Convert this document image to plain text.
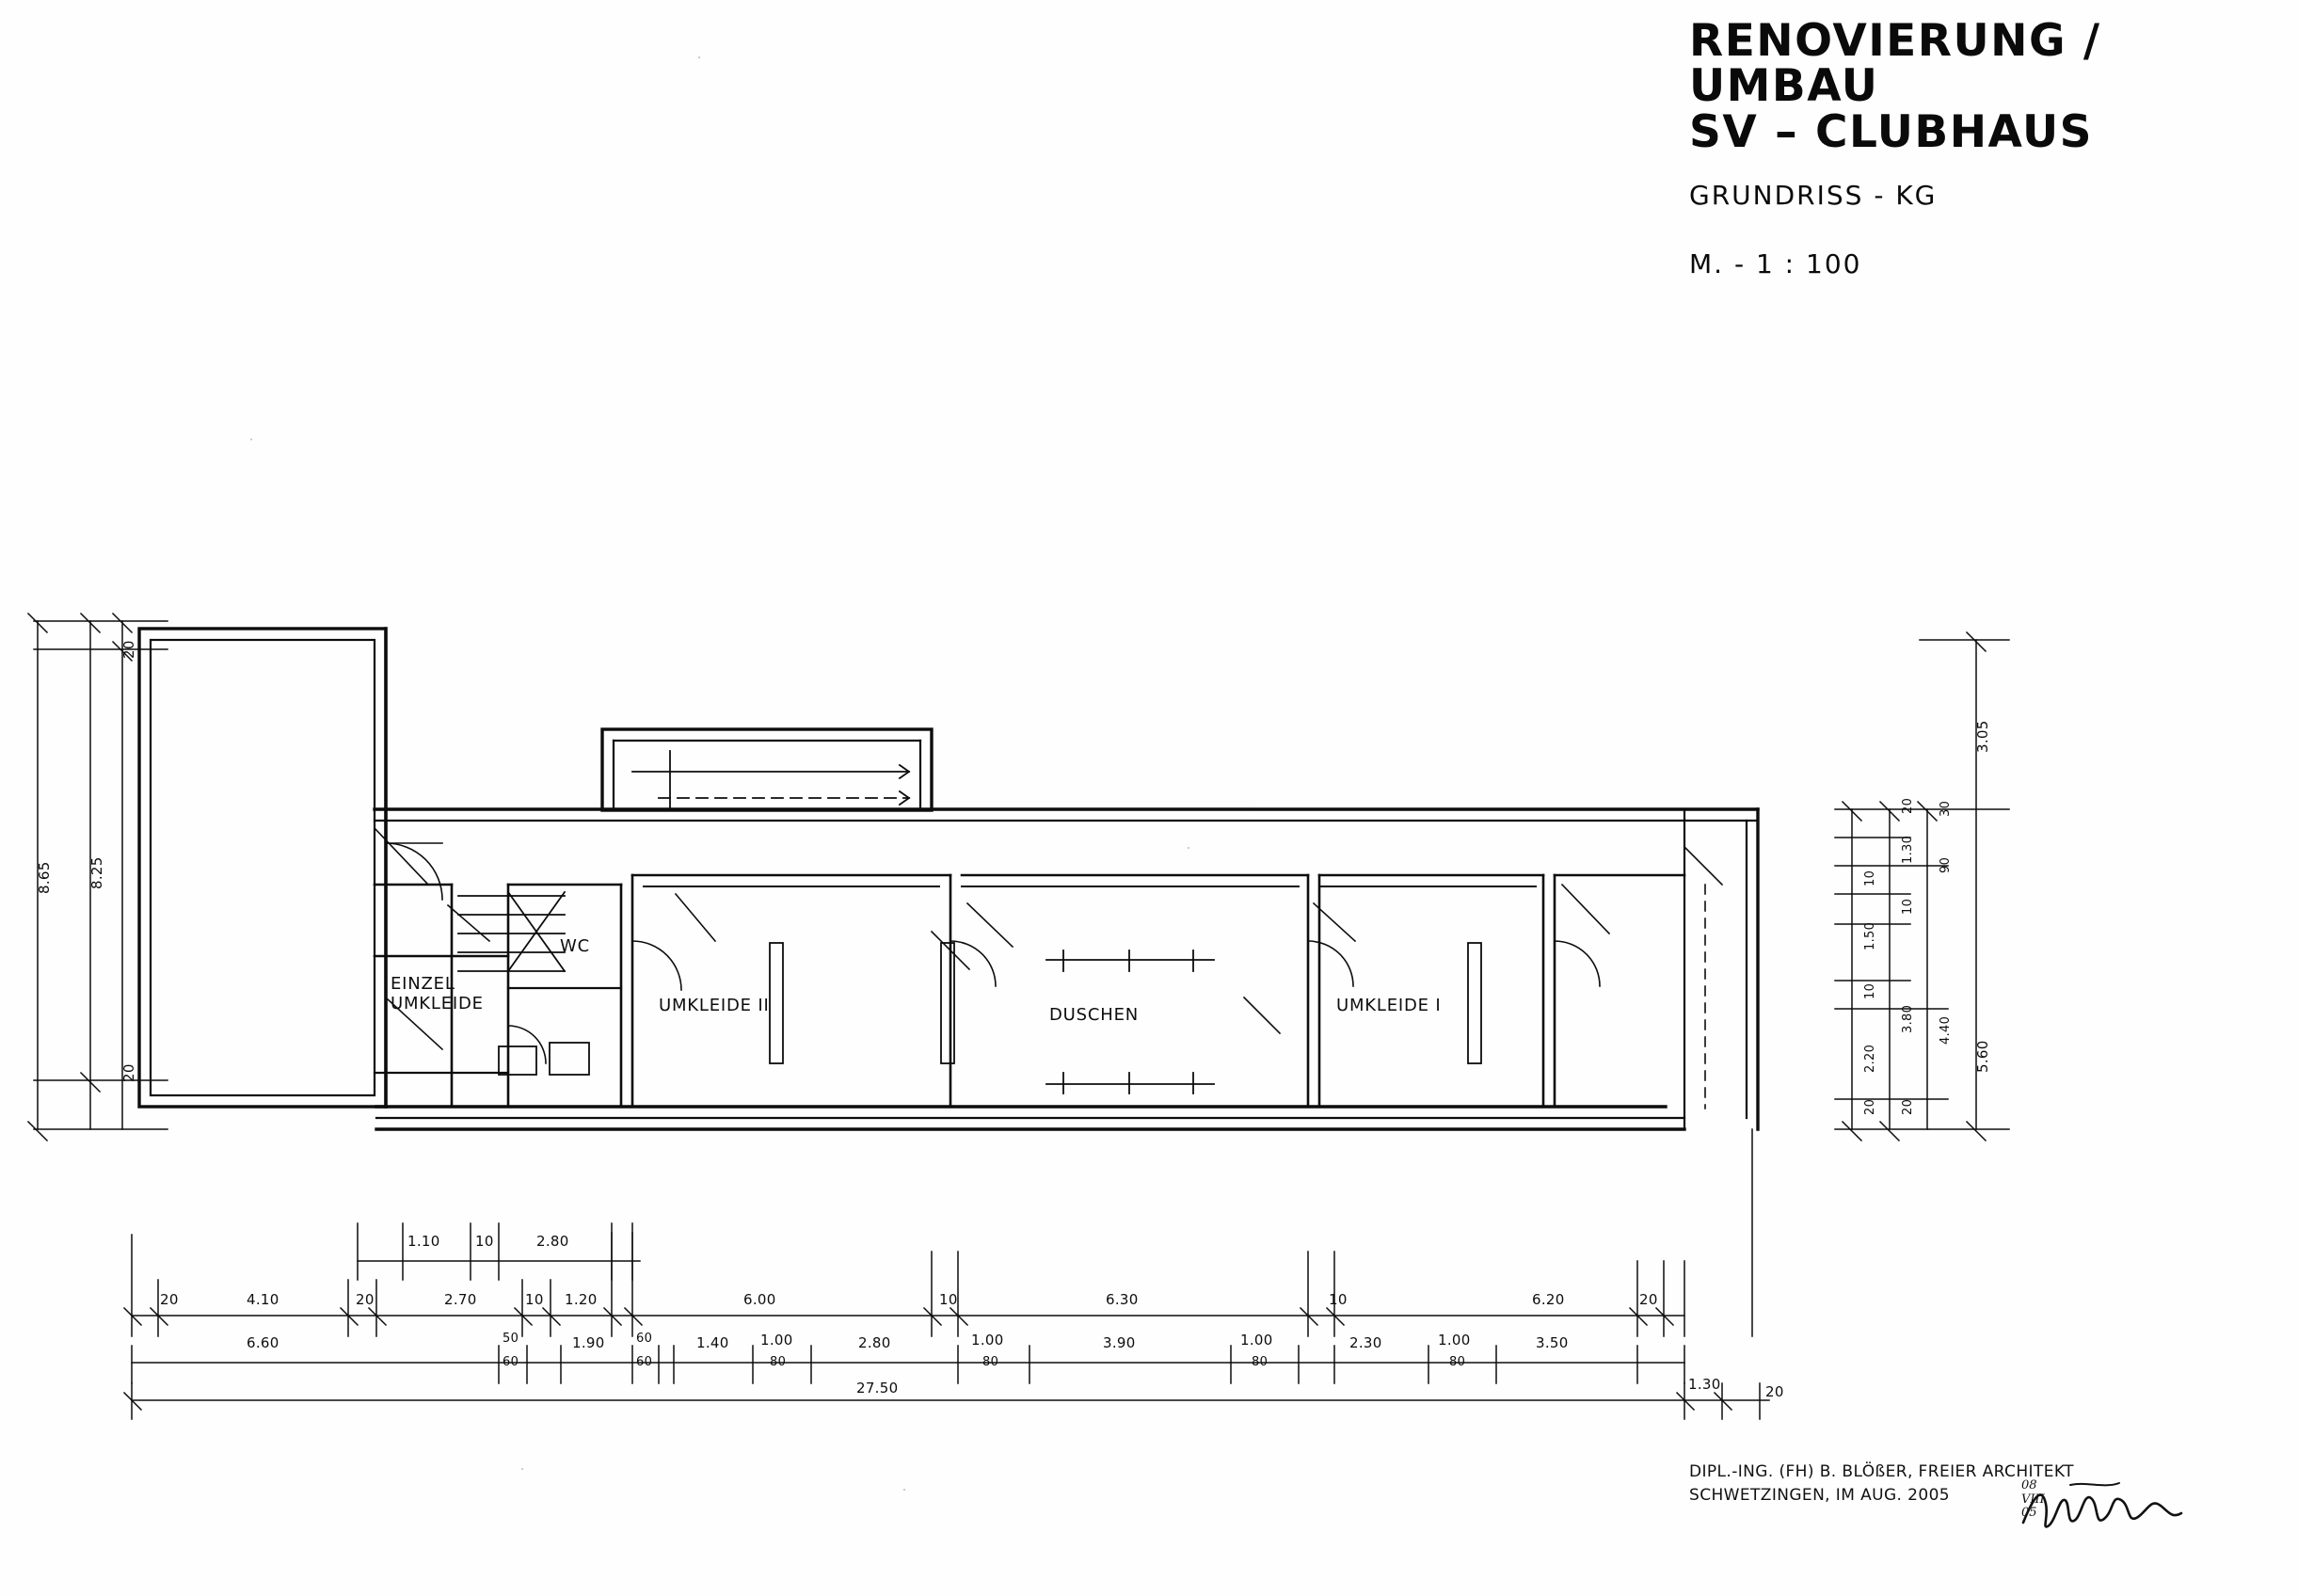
RENOVIERUNG /
UMBAU
SV – CLUBHAUS
GRUNDRISS - KG
M. - 1 : 100
DIPL.-ING. (FH) B. BLÖßER, FREIER ARCHITEKT
SCHWETZINGEN, IM AUG. 2005
08
VIII
05
EINZEL
UMKLEIDE
WC
UMKLEIDE II	DUSCHEN	UMKLEIDE I
20
8.25
8.65
20
3.05
20 30
1.30
90
10
10
1.50
3.80 4.40
5.60
10
2.20
20 20
1.10 10	2.80
20	4.10	20	2.70	10 1.20	6.00	10	6.30	10	6.20	20
6.60	50
60
1.90	60
60
1.40 1.00
80
2.80	1.00
80
3.90	1.00
80
2.30	1.00
80
3.50
27.50	1.30	20
